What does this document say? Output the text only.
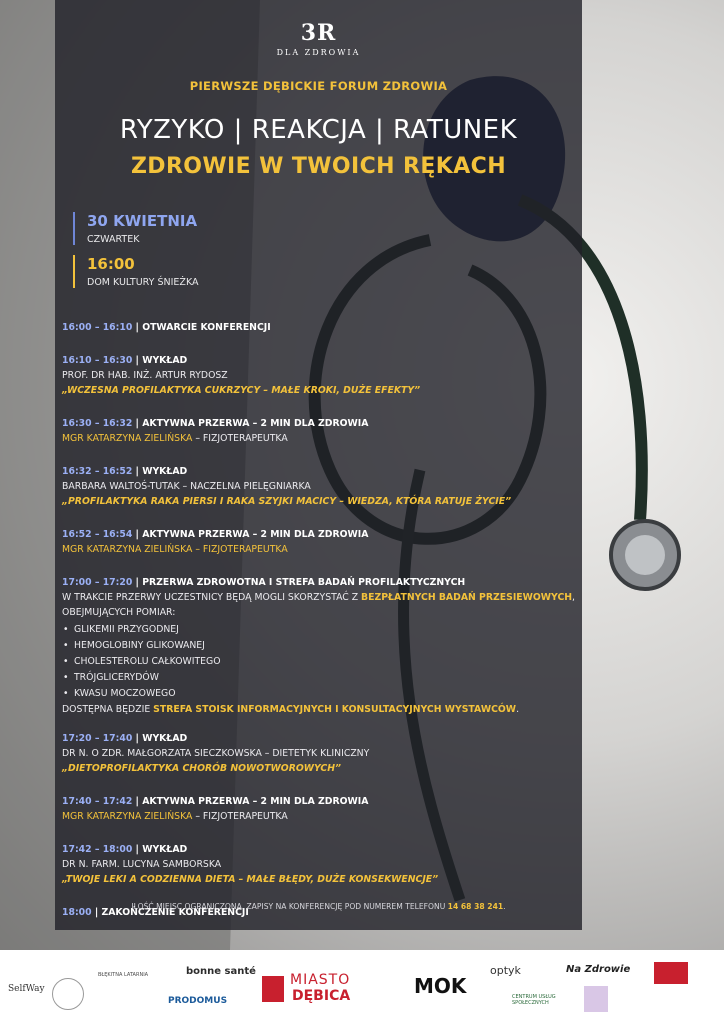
3R
DLA ZDROWIA
PIERWSZE DĘBICKIE FORUM ZDROWIA
RYZYKO | REAKCJA | RATUNEK
ZDROWIE W TWOICH RĘKACH
30 KWIETNIA
CZWARTEK
16:00
DOM KULTURY ŚNIEŻKA
16:00 – 16:10 | OTWARCIE KONFERENCJI
16:10 – 16:30 | WYKŁAD
PROF. DR HAB. INŻ. ARTUR RYDOSZ
„WCZESNA PROFILAKTYKA CUKRZYCY – MAŁE KROKI, DUŻE EFEKTY”
16:30 – 16:32 | AKTYWNA PRZERWA – 2 MIN DLA ZDROWIA
MGR KATARZYNA ZIELIŃSKA – FIZJOTERAPEUTKA
16:32 – 16:52 | WYKŁAD
BARBARA WALTOŚ-TUTAK – NACZELNA PIELĘGNIARKA
„PROFILAKTYKA RAKA PIERSI I RAKA SZYJKI MACICY – WIEDZA, KTÓRA RATUJE ŻYCIE”
16:52 – 16:54 | AKTYWNA PRZERWA – 2 MIN DLA ZDROWIA
MGR KATARZYNA ZIELIŃSKA – FIZJOTERAPEUTKA
17:00 – 17:20 | PRZERWA ZDROWOTNA I STREFA BADAŃ PROFILAKTYCZNYCH
W TRAKCIE PRZERWY UCZESTNICY BĘDĄ MOGLI SKORZYSTAĆ Z BEZPŁATNYCH BADAŃ PRZESIEWOWYCH, OBEJMUJĄCYCH POMIAR:
• GLIKEMII PRZYGODNEJ
• HEMOGLOBINY GLIKOWANEJ
• CHOLESTEROLU CAŁKOWITEGO
• TRÓJGLICERYDÓW
• KWASU MOCZOWEGO
DOSTĘPNA BĘDZIE STREFA STOISK INFORMACYJNYCH I KONSULTACYJNYCH WYSTAWCÓW.
17:20 – 17:40 | WYKŁAD
DR N. O ZDR. MAŁGORZATA SIECZKOWSKA – DIETETYK KLINICZNY
„DIETOPROFILAKTYKA CHORÓB NOWOTWOROWYCH”
17:40 – 17:42 | AKTYWNA PRZERWA – 2 MIN DLA ZDROWIA
MGR KATARZYNA ZIELIŃSKA – FIZJOTERAPEUTKA
17:42 – 18:00 | WYKŁAD
DR N. FARM. LUCYNA SAMBORSKA
„TWOJE LEKI A CODZIENNA DIETA – MAŁE BŁĘDY, DUŻE KONSEKWENCJE”
18:00 | ZAKOŃCZENIE KONFERENCJI
ILOŚĆ MIEJSC OGRANICZONA. ZAPISY NA KONFERENCJĘ POD NUMEREM TELEFONU 14 68 38 241.
SelfWay
BŁĘKITNA LATARNIA	bonne santé
PRODOMUS
MIASTO
DĘBICA	MOK
optyk
CENTRUM USŁUG SPOŁECZNYCH
Na Zdrowie
